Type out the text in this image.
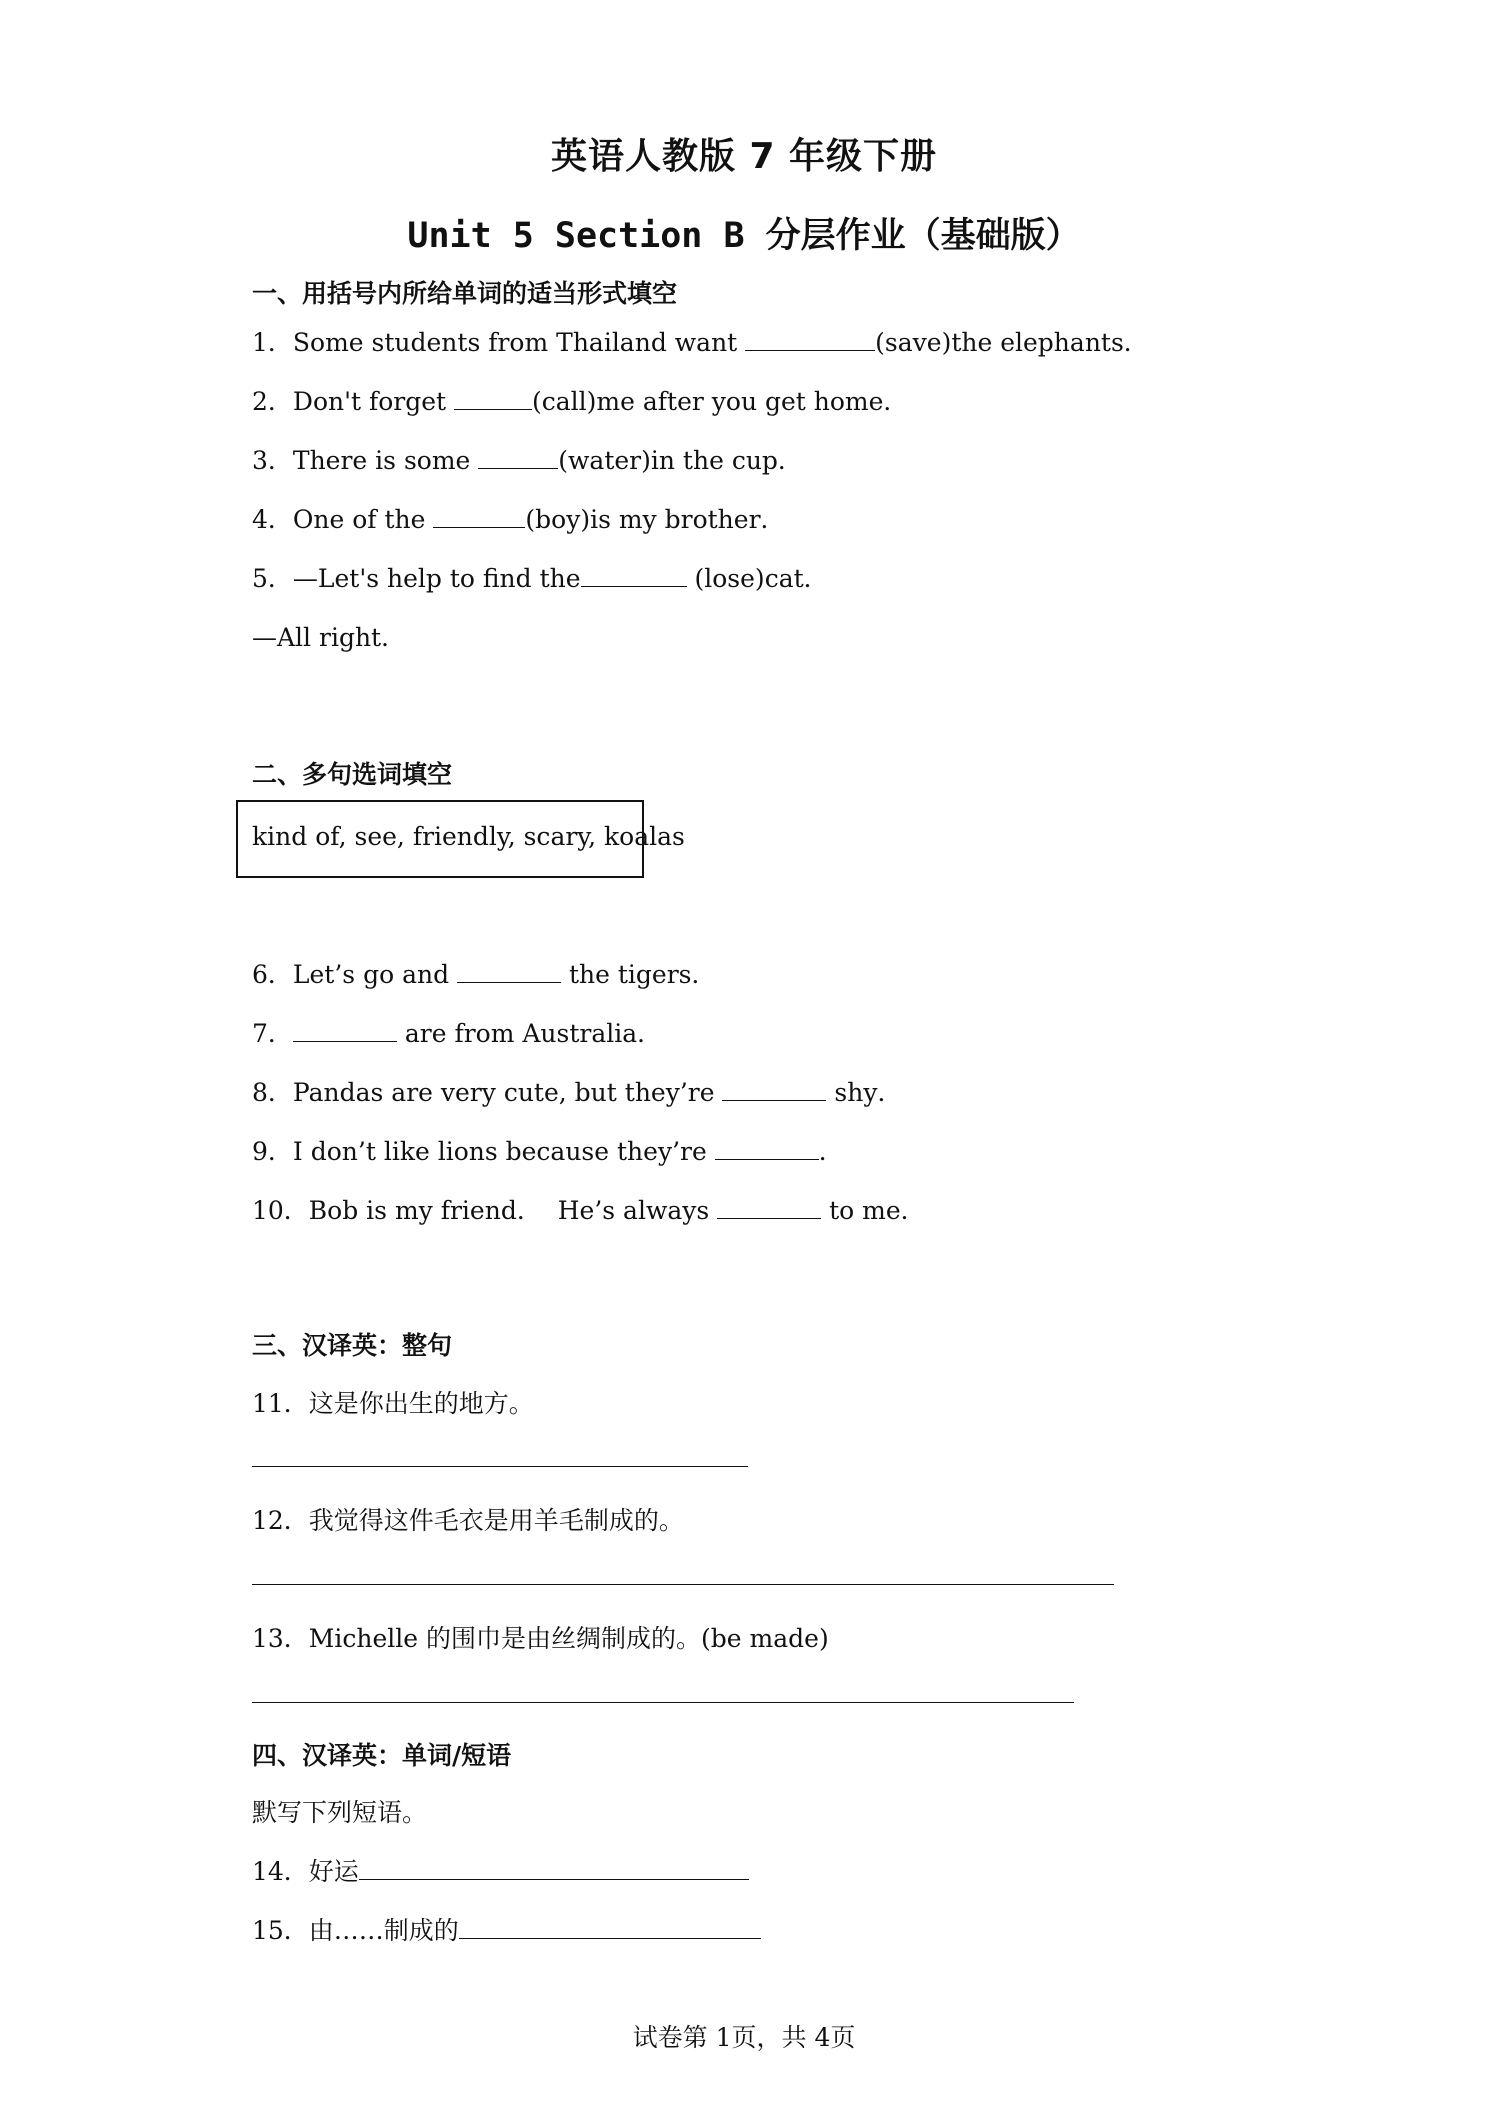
英语人教版 7 年级下册
Unit 5 Section B 分层作业（基础版）
一、用括号内所给单词的适当形式填空
1．Some students from Thailand want	(save)the elephants．
2．Don't forget	(call)me after you get home．
3．There is some	(water)in the cup．
4．One of the	(boy)is my brother．
5．—Let's help to find the	(lose)cat．
—All right．
二、多句选词填空
kind of, see, friendly, scary, koalas
6．Let’s go and	the tigers．
7．	are from Australia．
8．Pandas are very cute, but they’re	shy．
9．I don’t like lions because they’re	．
10．Bob is my friend．  He’s always	to me．
三、汉译英：整句
11．这是你出生的地方。
12．我觉得这件毛衣是用羊毛制成的。
13．Michelle 的围巾是由丝绸制成的。(be made)
四、汉译英：单词/短语
默写下列短语。
14．好运
15．由……制成的
试卷第 1页，共 4页
